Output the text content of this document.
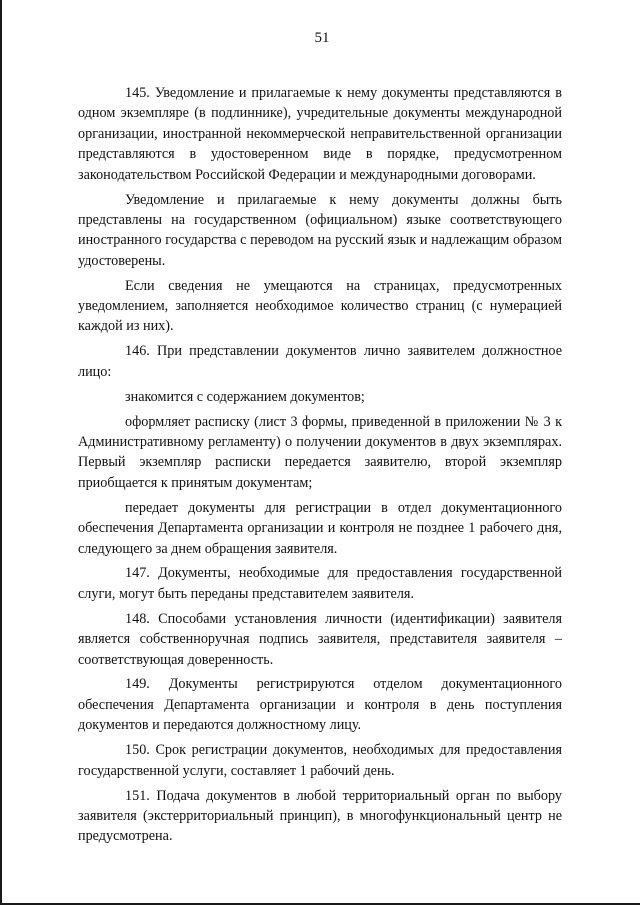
51

145. Уведомление и прилагаемые к нему документы представляются в одном экземпляре (в подлиннике), учредительные документы международной организации, иностранной некоммерческой неправительственной организации представляются в удостоверенном виде в порядке, предусмотренном законодательством Российской Федерации и международными договорами.

Уведомление и прилагаемые к нему документы должны быть представлены на государственном (официальном) языке соответствующего иностранного государства с переводом на русский язык и надлежащим образом удостоверены.

Если сведения не умещаются на страницах, предусмотренных уведомлением, заполняется необходимое количество страниц (с нумерацией каждой из них).

146. При представлении документов лично заявителем должностное лицо:

знакомится с содержанием документов;

оформляет расписку (лист 3 формы, приведенной в приложении № 3 к Административному регламенту) о получении документов в двух экземплярах. Первый экземпляр расписки передается заявителю, второй экземпляр приобщается к принятым документам;

передает документы для регистрации в отдел документационного обеспечения Департамента организации и контроля не позднее 1 рабочего дня, следующего за днем обращения заявителя.

147. Документы, необходимые для предоставления государственной слуги, могут быть переданы представителем заявителя.

148. Способами установления личности (идентификации) заявителя является собственноручная подпись заявителя, представителя заявителя – соответствующая доверенность.

149. Документы регистрируются отделом документационного обеспечения Департамента организации и контроля в день поступления документов и передаются должностному лицу.

150. Срок регистрации документов, необходимых для предоставления государственной услуги, составляет 1 рабочий день.

151. Подача документов в любой территориальный орган по выбору заявителя (экстерриториальный принцип), в многофункциональный центр не предусмотрена.
